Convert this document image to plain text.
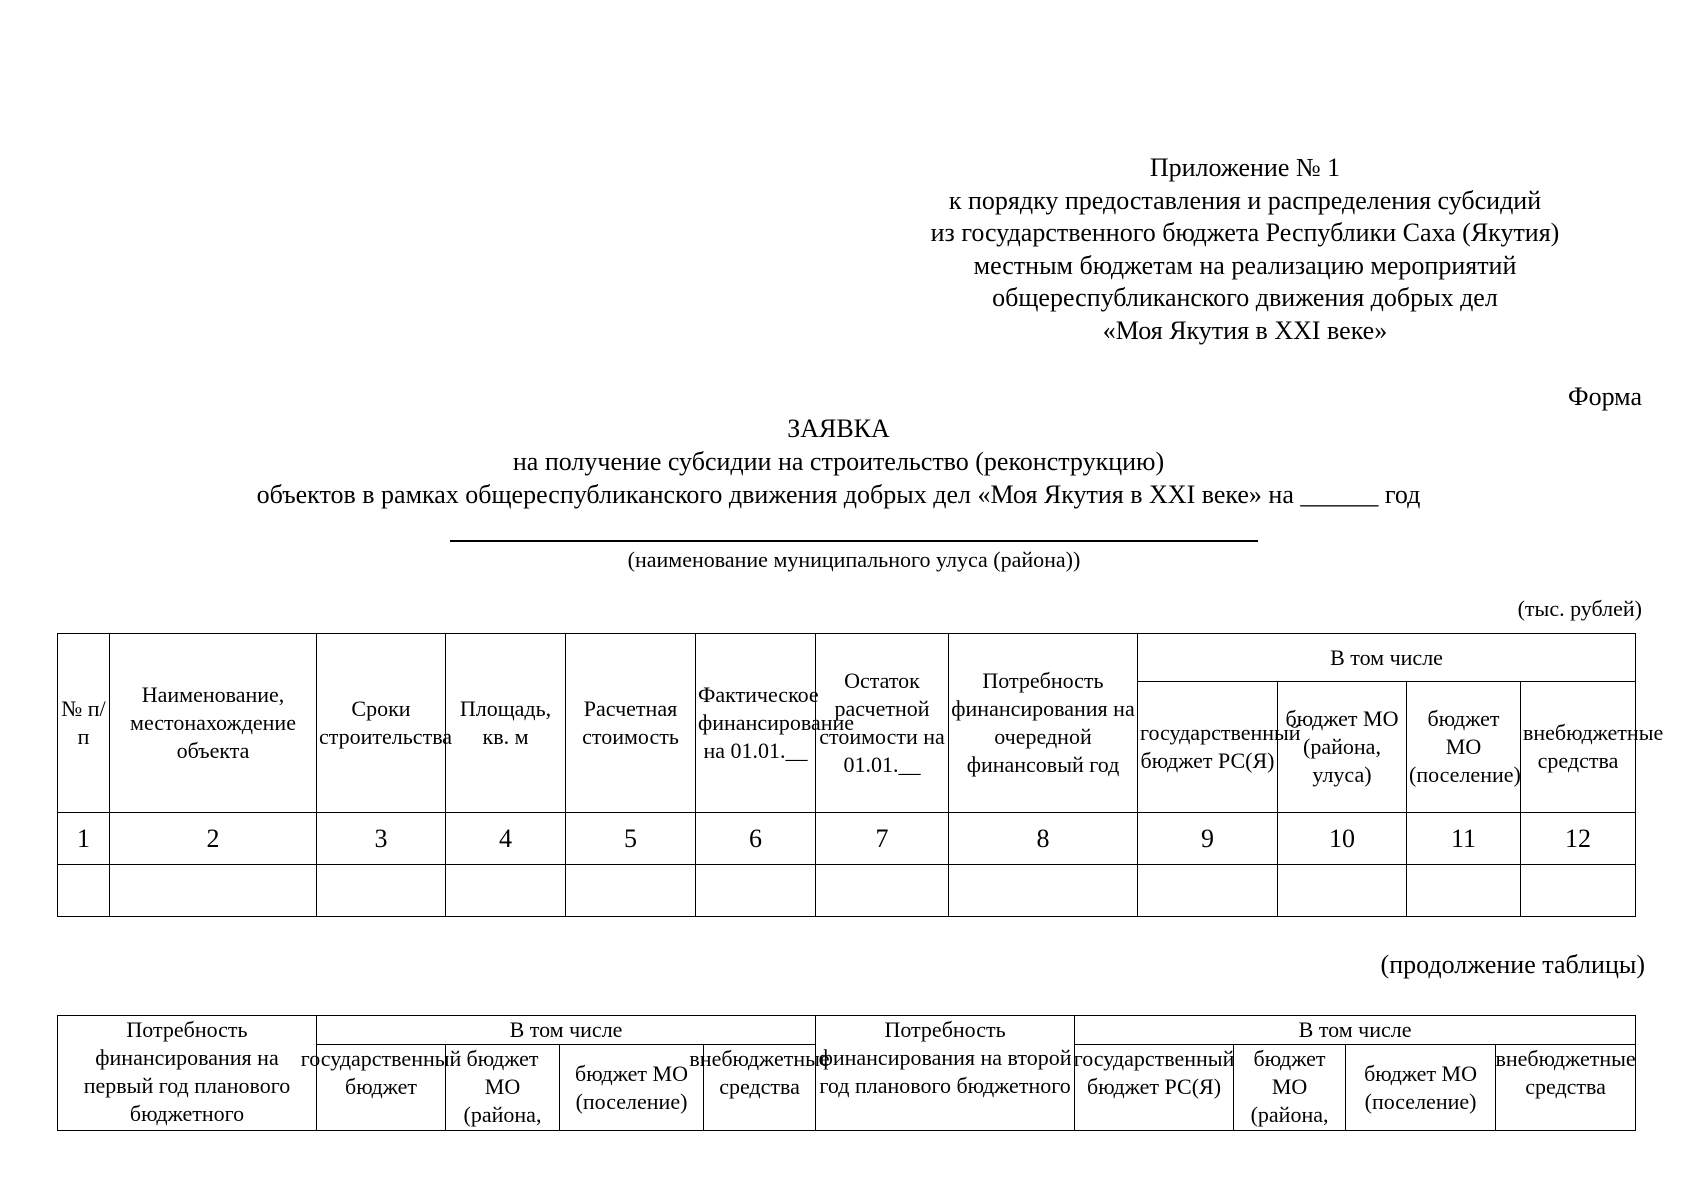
Приложение № 1
к порядку предоставления и распределения субсидий
из государственного бюджета Республики Саха (Якутия)
местным бюджетам на реализацию мероприятий
общереспубликанского движения добрых дел
«Моя Якутия в XXI веке»
Форма
ЗАЯВКА
на получение субсидии на строительство (реконструкцию)
объектов в рамках общереспубликанского движения добрых дел «Моя Якутия в XXI веке» на ______ год
(наименование муниципального улуса (района))
(тыс. рублей)
№ п/п	Наименование, местонахождение объекта	Сроки строительства	Площадь, кв. м	Расчетная стоимость	Фактическое финансирование на 01.01.__	Остаток расчетной стоимости на 01.01.__	Потребность финансирования на очередной финансовый год	В том числе			
								государственный бюджет РС(Я)	бюджет МО (района, улуса)	бюджет МО (поселение)	внебюджетные средства
1	2	3	4	5	6	7	8	9	10	11	12

(продолжение таблицы)
Потребность финансирования на первый год планового бюджетного	В том числе				Потребность финансирования на второй год планового бюджетного	В том числе			

	государственный бюджет	бюджет МО (района,	бюджет МО (поселение)	внебюджетные средства		государственный бюджет РС(Я)	бюджет МО (района,	бюджет МО (поселение)	внебюджетные средства
